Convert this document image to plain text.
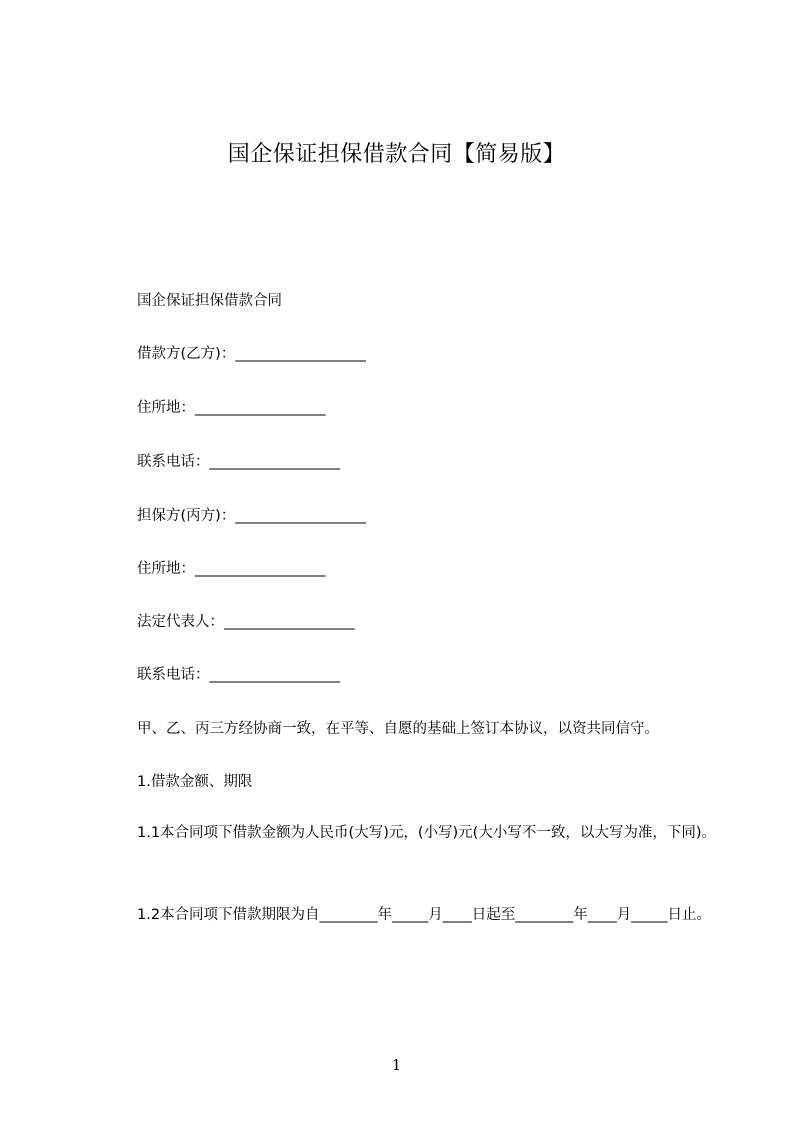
国企保证担保借款合同【简易版】
国企保证担保借款合同
借款方(乙方)：__________________
住所地：__________________
联系电话：__________________
担保方(丙方)：__________________
住所地：__________________
法定代表人：__________________
联系电话：__________________
甲、乙、丙三方经协商一致，在平等、自愿的基础上签订本协议，以资共同信守。
1.借款金额、期限
1.1本合同项下借款金额为人民币(大写)元，(小写)元(大小写不一致，以大写为准，下同)。
1.2本合同项下借款期限为自________年_____月____日起至________年____月_____日止。
1
